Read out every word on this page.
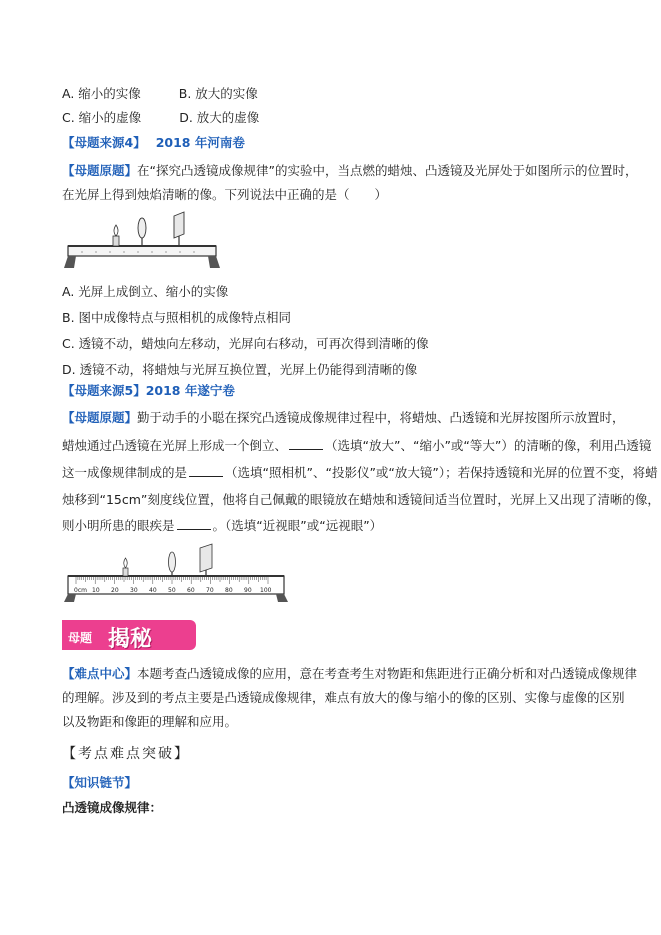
A. 缩小的实像	B. 放大的实像
C. 缩小的虚像	D. 放大的虚像
【母题来源4】 2018 年河南卷
【母题原题】在“探究凸透镜成像规律”的实验中，当点燃的蜡烛、凸透镜及光屏处于如图所示的位置时，
在光屏上得到烛焰清晰的像。下列说法中正确的是（　　）
A. 光屏上成倒立、缩小的实像
B. 图中成像特点与照相机的成像特点相同
C. 透镜不动，蜡烛向左移动，光屏向右移动，可再次得到清晰的像
D. 透镜不动，将蜡烛与光屏互换位置，光屏上仍能得到清晰的像
【母题来源5】2018 年遂宁卷
【母题原题】勤于动手的小聪在探究凸透镜成像规律过程中，将蜡烛、凸透镜和光屏按图所示放置时，
蜡烛通过凸透镜在光屏上形成一个倒立、	（选填“放大”、“缩小”或“等大”）的清晰的像，利用凸透镜
这一成像规律制成的是	（选填“照相机”、“投影仪”或“放大镜”）；若保持透镜和光屏的位置不变，将蜡
烛移到“15cm”刻度线位置，他将自己佩戴的眼镜放在蜡烛和透镜间适当位置时，光屏上又出现了清晰的像，
则小明所患的眼疾是	。（选填“近视眼”或“远视眼”）
0cm 10 20 30 40 50 60 70 80 90 100
母题 揭秘
【难点中心】本题考查凸透镜成像的应用，意在考查考生对物距和焦距进行正确分析和对凸透镜成像规律
的理解。涉及到的考点主要是凸透镜成像规律，难点有放大的像与缩小的像的区别、实像与虚像的区别
以及物距和像距的理解和应用。
【考点难点突破】
【知识链节】
凸透镜成像规律：
